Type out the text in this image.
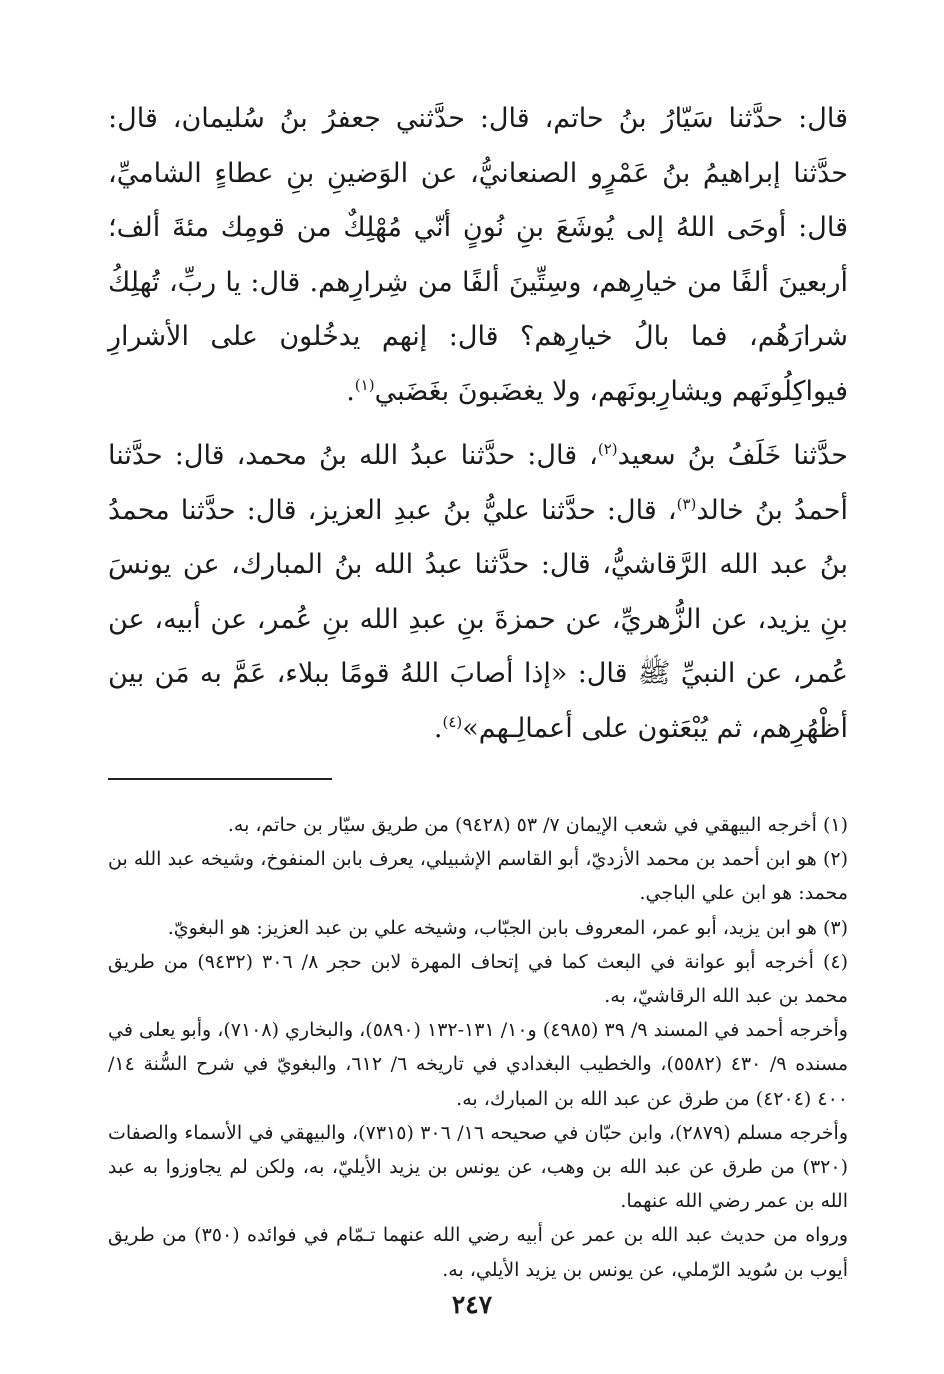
قال: حدَّثنا سَيّارُ بنُ حاتم، قال: حدَّثني جعفرُ بنُ سُليمان، قال: حدَّثنا إبراهيمُ بنُ عَمْرٍو الصنعانيُّ، عن الوَضينِ بنِ عطاءٍ الشاميِّ، قال: أوحَى اللهُ إلى يُوشَعَ بنِ نُونٍ أنّي مُهْلِكٌ من قومِك مئةَ ألف؛ أربعينَ ألفًا من خيارِهم، وسِتِّينَ ألفًا من شِرارِهم. قال: يا ربِّ، تُهلِكُ شرارَهُم، فما بالُ خيارِهم؟ قال: إنهم يدخُلون على الأشرارِ فيواكِلُونَهم ويشارِبونَهم، ولا يغضَبونَ بغَضَبي$^{(١)}$.

حدَّثنا خَلَفُ بنُ سعيد$^{(٢)}$، قال: حدَّثنا عبدُ الله بنُ محمد، قال: حدَّثنا أحمدُ بنُ خالد$^{(٣)}$، قال: حدَّثنا عليُّ بنُ عبدِ العزيز، قال: حدَّثنا محمدُ بنُ عبد الله الرَّقاشيُّ، قال: حدَّثنا عبدُ الله بنُ المبارك، عن يونسَ بنِ يزيد، عن الزُّهريِّ، عن حمزةَ بنِ عبدِ الله بنِ عُمر، عن أبيه، عن عُمر، عن النبيِّ ﷺ قال: «إذا أصابَ اللهُ قومًا ببلاء، عَمَّ به مَن بين أظْهُرِهم، ثم يُبْعَثون على أعمالِـهم»$^{(٤)}$.

(١) أخرجه البيهقي في شعب الإيمان ٧/ ٥٣ (٩٤٢٨) من طريق سيّار بن حاتم، به.

(٢) هو ابن أحمد بن محمد الأزديّ، أبو القاسم الإشبيلي، يعرف بابن المنفوخ، وشيخه عبد الله بن محمد: هو ابن علي الباجي.

(٣) هو ابن يزيد، أبو عمر، المعروف بابن الجبّاب، وشيخه علي بن عبد العزيز: هو البغويّ.

(٤) أخرجه أبو عوانة في البعث كما في إتحاف المهرة لابن حجر ٨/ ٣٠٦ (٩٤٣٢) من طريق محمد بن عبد الله الرقاشيّ، به.

وأخرجه أحمد في المسند ٩/ ٣٩ (٤٩٨٥) و١٠/ ١٣١-١٣٢ (٥٨٩٠)، والبخاري (٧١٠٨)، وأبو يعلى في مسنده ٩/ ٤٣٠ (٥٥٨٢)، والخطيب البغدادي في تاريخه ٦/ ٦١٢، والبغويّ في شرح السُّنة ١٤/ ٤٠٠ (٤٢٠٤) من طرق عن عبد الله بن المبارك، به.

وأخرجه مسلم (٢٨٧٩)، وابن حبّان في صحيحه ١٦/ ٣٠٦ (٧٣١٥)، والبيهقي في الأسماء والصفات (٣٢٠) من طرق عن عبد الله بن وهب، عن يونس بن يزيد الأيليّ، به، ولكن لم يجاوزوا به عبد الله بن عمر رضي الله عنهما.

ورواه من حديث عبد الله بن عمر عن أبيه رضي الله عنهما تـمّام في فوائده (٣٥٠) من طريق أيوب بن سُويد الرّملي، عن يونس بن يزيد الأيلي، به.

٢٤٧
